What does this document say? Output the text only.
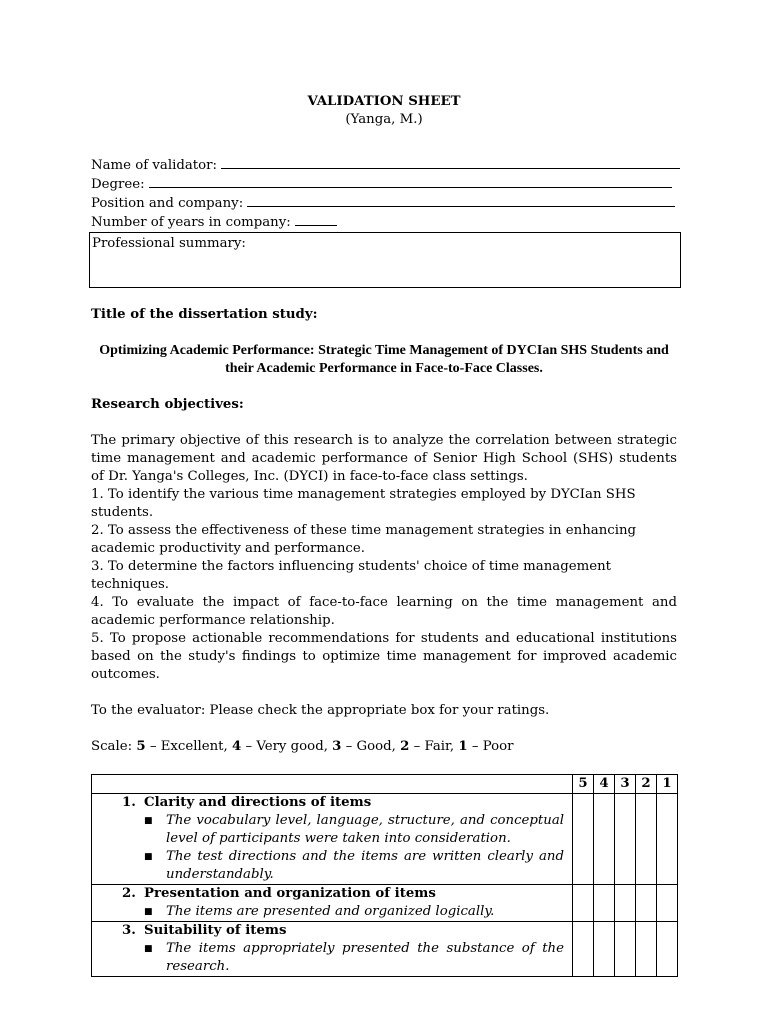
VALIDATION SHEET
(Yanga, M.)
Name of validator:
Degree:
Position and company:
Number of years in company:
Professional summary:
Title of the dissertation study:
Optimizing Academic Performance: Strategic Time Management of DYCIan SHS Students and their Academic Performance in Face-to-Face Classes.
Research objectives:
The primary objective of this research is to analyze the correlation between strategic time management and academic performance of Senior High School (SHS) students of Dr. Yanga's Colleges, Inc. (DYCI) in face-to-face class settings.
1. To identify the various time management strategies employed by DYCIan SHS students.
2. To assess the effectiveness of these time management strategies in enhancing academic productivity and performance.
3. To determine the factors influencing students' choice of time management techniques.
4. To evaluate the impact of face-to-face learning on the time management and academic performance relationship.
5. To propose actionable recommendations for students and educational institutions based on the study's findings to optimize time management for improved academic outcomes.
To the evaluator: Please check the appropriate box for your ratings.
Scale: 5 – Excellent, 4 – Very good, 3 – Good, 2 – Fair, 1 – Poor
	5	4	3	2	1

1. Clarity and directions of items
■ The vocabulary level, language, structure, and conceptual level of participants were taken into consideration.
■ The test directions and the items are written clearly and understandably.					

2. Presentation and organization of items
■ The items are presented and organized logically.					

3. Suitability of items
■ The items appropriately presented the substance of the research.					
